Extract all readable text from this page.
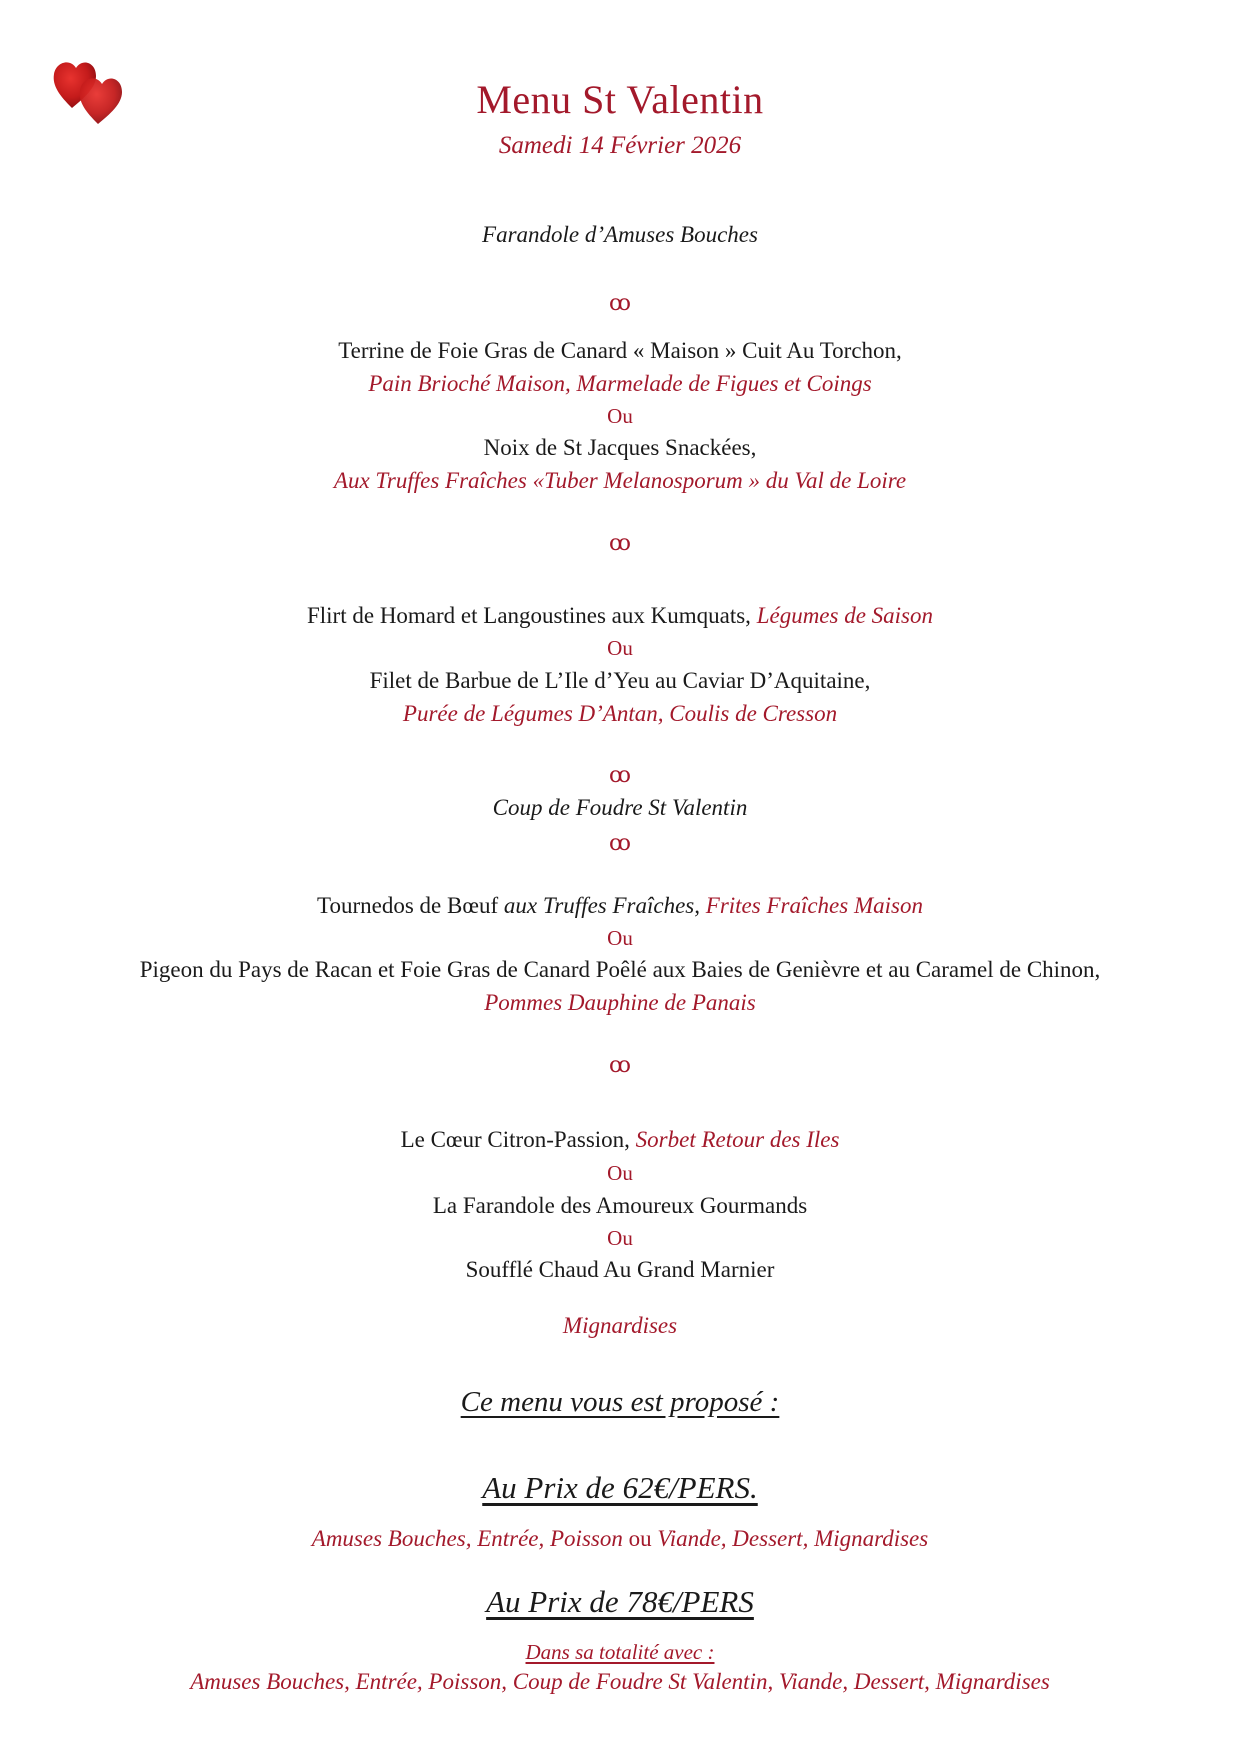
Menu St Valentin
Samedi 14 Février 2026
Farandole d’Amuses Bouches
ꝏ
Terrine de Foie Gras de Canard « Maison » Cuit Au Torchon,
Pain Brioché Maison, Marmelade de Figues et Coings
Ou
Noix de St Jacques Snackées,
Aux Truffes Fraîches «Tuber Melanosporum » du Val de Loire
ꝏ
Flirt de Homard et Langoustines aux Kumquats, Légumes de Saison
Ou
Filet de Barbue de L’Ile d’Yeu au Caviar D’Aquitaine,
Purée de Légumes D’Antan, Coulis de Cresson
ꝏ
Coup de Foudre St Valentin
ꝏ
Tournedos de Bœuf aux Truffes Fraîches, Frites Fraîches Maison
Ou
Pigeon du Pays de Racan et Foie Gras de Canard Poêlé aux Baies de Genièvre et au Caramel de Chinon,
Pommes Dauphine de Panais
ꝏ
Le Cœur Citron-Passion, Sorbet Retour des Iles
Ou
La Farandole des Amoureux Gourmands
Ou
Soufflé Chaud Au Grand Marnier
Mignardises
Ce menu vous est proposé :
Au Prix de 62€/PERS.
Amuses Bouches, Entrée, Poisson ou Viande, Dessert, Mignardises
Au Prix de 78€/PERS
Dans sa totalité avec :
Amuses Bouches, Entrée, Poisson, Coup de Foudre St Valentin, Viande, Dessert, Mignardises
